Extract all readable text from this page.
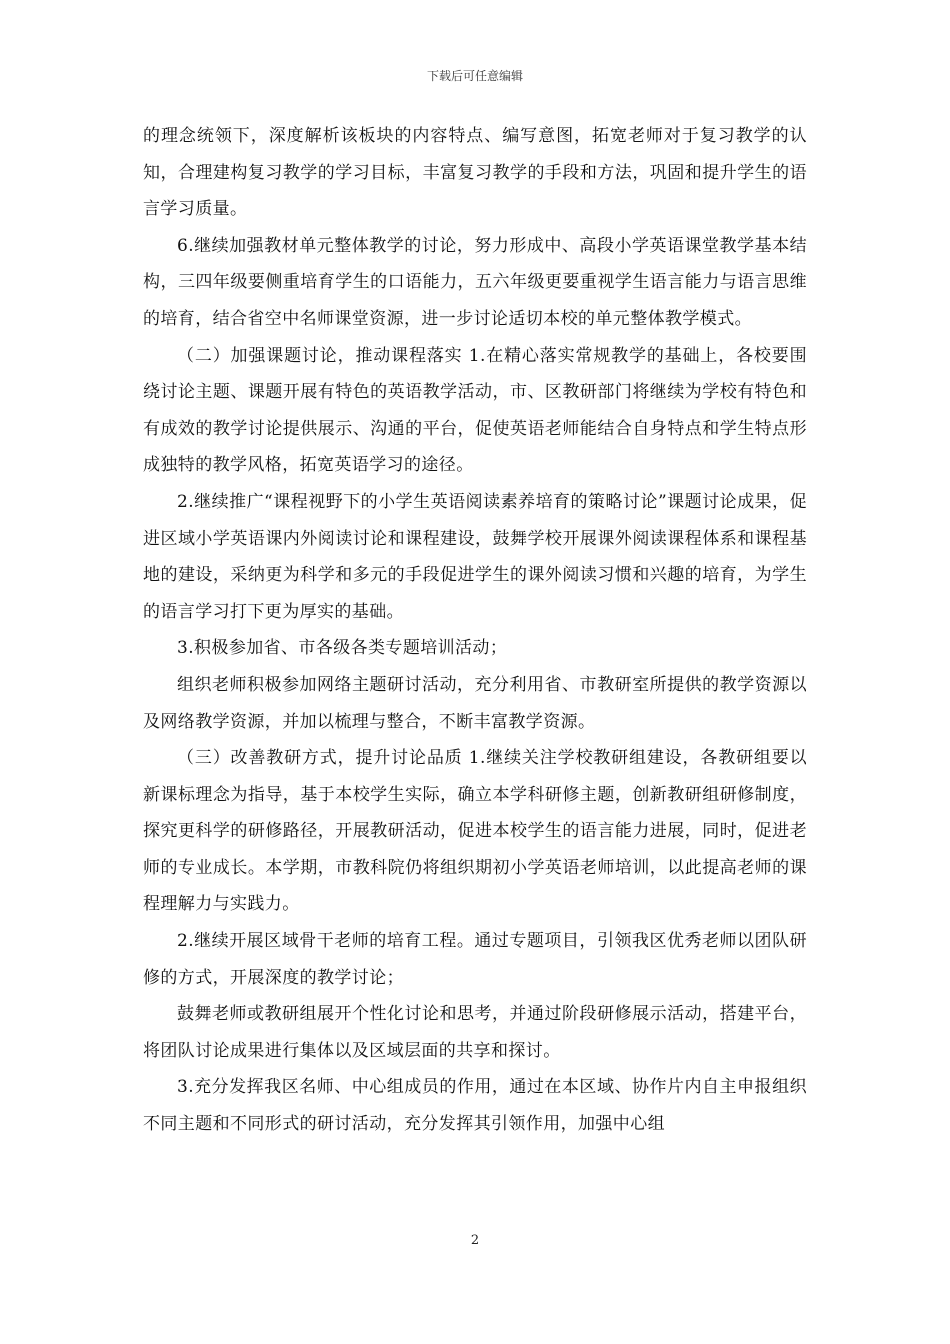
下载后可任意编辑

的理念统领下，深度解析该板块的内容特点、编写意图，拓宽老师对于复习教学的认知，合理建构复习教学的学习目标，丰富复习教学的手段和方法，巩固和提升学生的语言学习质量。

6.继续加强教材单元整体教学的讨论，努力形成中、高段小学英语课堂教学基本结构，三四年级要侧重培育学生的口语能力，五六年级更要重视学生语言能力与语言思维的培育，结合省空中名师课堂资源，进一步讨论适切本校的单元整体教学模式。

（二）加强课题讨论，推动课程落实 1.在精心落实常规教学的基础上，各校要围绕讨论主题、课题开展有特色的英语教学活动，市、区教研部门将继续为学校有特色和有成效的教学讨论提供展示、沟通的平台，促使英语老师能结合自身特点和学生特点形成独特的教学风格，拓宽英语学习的途径。

2.继续推广“课程视野下的小学生英语阅读素养培育的策略讨论”课题讨论成果，促进区域小学英语课内外阅读讨论和课程建设，鼓舞学校开展课外阅读课程体系和课程基地的建设，采纳更为科学和多元的手段促进学生的课外阅读习惯和兴趣的培育，为学生的语言学习打下更为厚实的基础。

3.积极参加省、市各级各类专题培训活动；

组织老师积极参加网络主题研讨活动，充分利用省、市教研室所提供的教学资源以及网络教学资源，并加以梳理与整合，不断丰富教学资源。

（三）改善教研方式，提升讨论品质 1.继续关注学校教研组建设，各教研组要以新课标理念为指导，基于本校学生实际，确立本学科研修主题，创新教研组研修制度，探究更科学的研修路径，开展教研活动，促进本校学生的语言能力进展，同时，促进老师的专业成长。本学期，市教科院仍将组织期初小学英语老师培训，以此提高老师的课程理解力与实践力。

2.继续开展区域骨干老师的培育工程。通过专题项目，引领我区优秀老师以团队研修的方式，开展深度的教学讨论；

鼓舞老师或教研组展开个性化讨论和思考，并通过阶段研修展示活动，搭建平台，将团队讨论成果进行集体以及区域层面的共享和探讨。

3.充分发挥我区名师、中心组成员的作用，通过在本区域、协作片内自主申报组织不同主题和不同形式的研讨活动，充分发挥其引领作用，加强中心组

2
